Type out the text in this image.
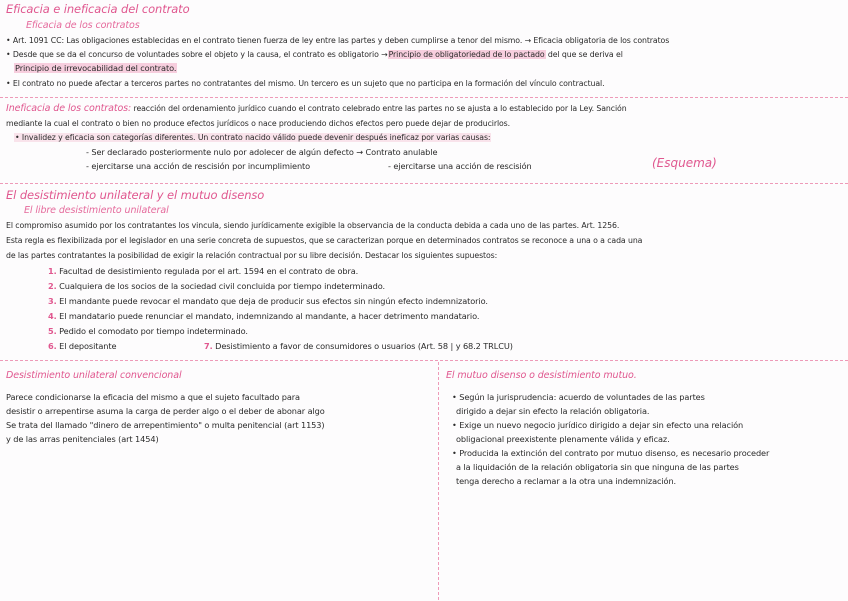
Eficacia e ineficacia del contrato
Eficacia de los contratos
• Art. 1091 CC: Las obligaciones establecidas en el contrato tienen fuerza de ley entre las partes y deben cumplirse a tenor del mismo. → Eficacia obligatoria de los contratos
• Desde que se da el concurso de voluntades sobre el objeto y la causa, el contrato es obligatorio →Principio de obligatoriedad de lo pactado del que se deriva el
Principio de irrevocabilidad del contrato.
• El contrato no puede afectar a terceros partes no contratantes del mismo. Un tercero es un sujeto que no participa en la formación del vínculo contractual.
Ineficacia de los contratos: reacción del ordenamiento jurídico cuando el contrato celebrado entre las partes no se ajusta a lo establecido por la Ley. Sanción
mediante la cual el contrato o bien no produce efectos jurídicos o nace produciendo dichos efectos pero puede dejar de producirlos.
• Invalidez y eficacia son categorías diferentes. Un contrato nacido válido puede devenir después ineficaz por varias causas:
- Ser declarado posteriormente nulo por adolecer de algún defecto → Contrato anulable
- ejercitarse una acción de rescisión por incumplimiento	- ejercitarse una acción de rescisión	(Esquema)
El desistimiento unilateral y el mutuo disenso
El libre desistimiento unilateral
El compromiso asumido por los contratantes los vincula, siendo jurídicamente exigible la observancia de la conducta debida a cada uno de las partes. Art. 1256.
Esta regla es flexibilizada por el legislador en una serie concreta de supuestos, que se caracterizan porque en determinados contratos se reconoce a una o a cada una
de las partes contratantes la posibilidad de exigir la relación contractual por su libre decisión. Destacar los siguientes supuestos:
1. Facultad de desistimiento regulada por el art. 1594 en el contrato de obra.
2. Cualquiera de los socios de la sociedad civil concluida por tiempo indeterminado.
3. El mandante puede revocar el mandato que deja de producir sus efectos sin ningún efecto indemnizatorio.
4. El mandatario puede renunciar el mandato, indemnizando al mandante, a hacer detrimento mandatario.
5. Pedido el comodato por tiempo indeterminado.
6. El depositante	7. Desistimiento a favor de consumidores o usuarios (Art. 58 | y 68.2 TRLCU)
Desistimiento unilateral convencional
Parece condicionarse la eficacia del mismo a que el sujeto facultado para
desistir o arrepentirse asuma la carga de perder algo o el deber de abonar algo
Se trata del llamado "dinero de arrepentimiento" o multa penitencial (art 1153)
y de las arras penitenciales (art 1454)
El mutuo disenso o desistimiento mutuo.
• Según la jurisprudencia: acuerdo de voluntades de las partes
dirigido a dejar sin efecto la relación obligatoria.
• Exige un nuevo negocio jurídico dirigido a dejar sin efecto una relación
obligacional preexistente plenamente válida y eficaz.
• Producida la extinción del contrato por mutuo disenso, es necesario proceder
a la liquidación de la relación obligatoria sin que ninguna de las partes
tenga derecho a reclamar a la otra una indemnización.
